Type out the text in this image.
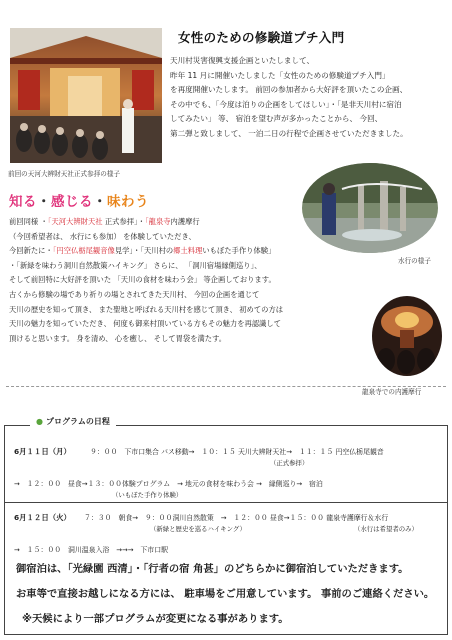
前回の天河大辨財天社正式参拝の様子
女性のための修験道プチ入門
天川村災害復興支援企画といたしまして、
昨年 11 月に開催いたしました「女性のための修験道プチ入門」
を再度開催いたします。 前回の参加者から大好評を頂いたこの企画、
その中でも、「今度は泊りの企画をしてほしい」・「是非天川村に宿泊
してみたい」 等、 宿泊を望む声が多かったことから、 今回、
第二弾と致しまして、 一泊二日の行程で企画させていただきました。
水行の様子
龍泉寺での内護摩行
知る・感じる・味わう
前回同様 ・「天河大辨財天社 正式参拝」・「龍泉寺内護摩行
（今回希望者は、 水行にも参加） を体験していただき、
今回新たに・「円空仏栃尾観音像見学」・「天川村の郷土料理いもぼた手作り体験」
・「新緑を味わう洞川自然散策ハイキング」 さらに、 「洞川宿場縁側巡り」、
そして前回特に大好評を頂いた 「天川の食材を味わう会」 等企画しております。
古くから修験の場であり祈りの場とされてきた天川村、 今回の企画を通じて
天川の歴史を知って頂き、 また聖地と呼ばれる天川村を感じて頂き、 初めての方は
天川の魅力を知っていただき、 何度も御来村頂いている方もその魅力を再認識して
頂けると思います。 身を清め、 心を癒し、 そして胃袋を満たす。
● プログラムの日程
6月１１日（月）	９：００　下市口集合 バス移動→　１０：１５ 天川大辨財天社→　１１：１５ 円空仏栃尾観音
（正式参拝）
→　１２：００　昼食→１３：００体験プログラム　→ 地元の食材を味わう会 →　縁側巡り→　宿泊
（いもぼた手作り体験）
6月１２日（火） ７：３０　朝食→　９：００洞川自然散策　→　１２：００ 昼食→１５：００ 龍泉寺護摩行＆水行
（新緑と歴史を巡るハイキング）	（水行は希望者のみ）
→　１５：００　洞川温泉入浴　→→→　下市口駅
御宿泊は、「光緑園 西清」・「行者の宿 角甚」のどちらかに御宿泊していただきます。
お車等で直接お越しになる方には、 駐車場をご用意しています。 事前のご連絡ください。
※天候により一部プログラムが変更になる事があります。
